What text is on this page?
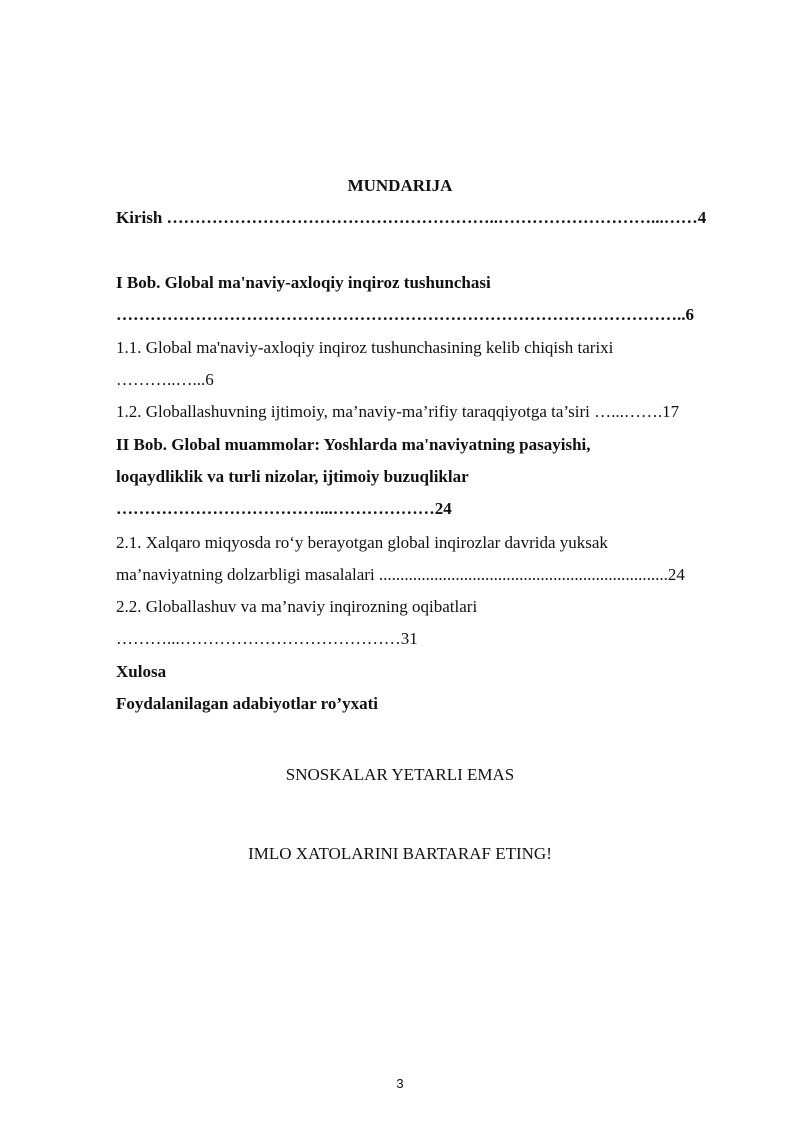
MUNDARIJA
Kirish …………………………………………………..………………………...……4
I Bob. Global ma'naviy-axloqiy inqiroz tushunchasi
………………………………………………………………………………………..6
1.1. Global ma'naviy-axloqiy inqiroz tushunchasining kelib chiqish tarixi
………..…...6
1.2. Globallashuvning ijtimoiy, ma’naviy-ma’rifiy taraqqiyotga ta’siri …...…….17
II Bob. Global muammolar: Yoshlarda ma'naviyatning pasayishi,
loqaydliklik va turli nizolar, ijtimoiy buzuqliklar
………………………………...………………24
2.1. Xalqaro miqyosda ro‘y berayotgan global inqirozlar davrida yuksak
ma’naviyatning dolzarbligi masalalari ....................................................................24
2.2. Globallashuv va ma’naviy inqirozning oqibatlari
………...…………………………………31
Xulosa
Foydalanilagan adabiyotlar ro’yxati
SNOSKALAR YETARLI EMAS
IMLO XATOLARINI BARTARAF ETING!
3
